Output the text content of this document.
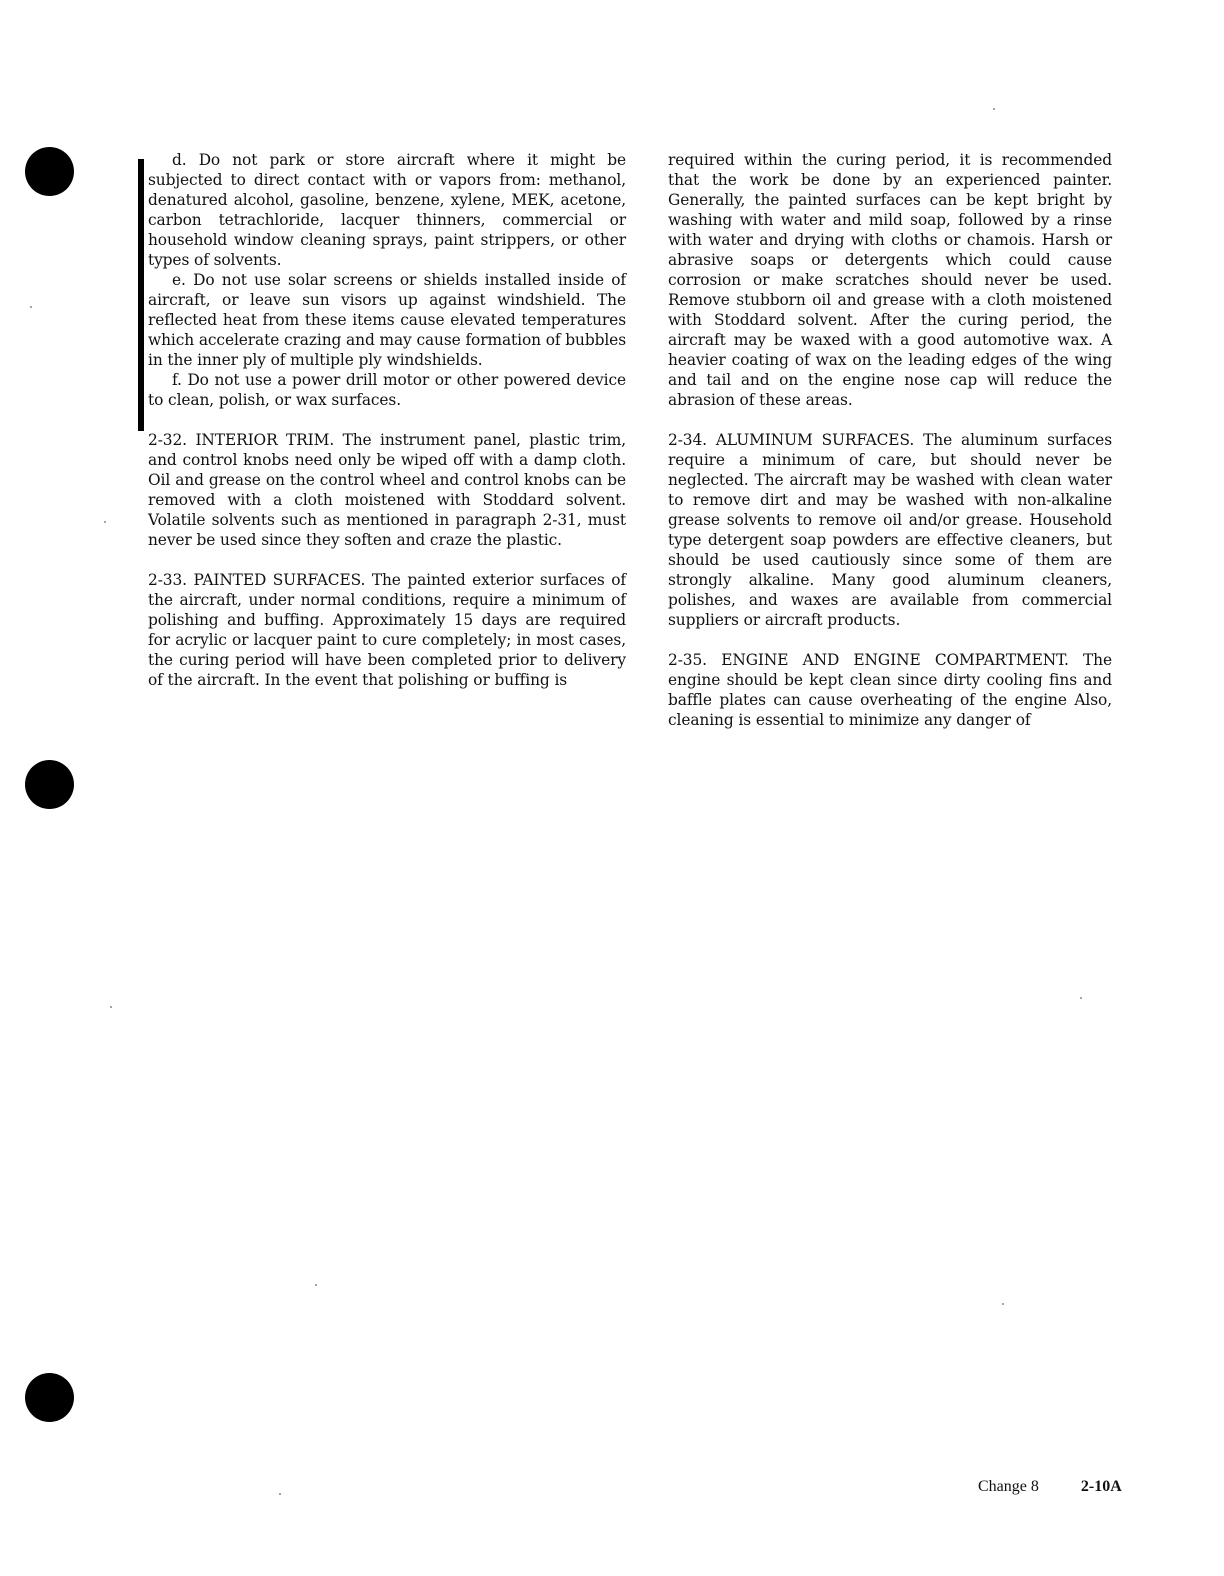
d. Do not park or store aircraft where it might be subjected to direct contact with or vapors from: methanol, denatured alcohol, gasoline, benzene, xylene, MEK, acetone, carbon tetrachloride, lacquer thinners, commercial or household window cleaning sprays, paint strippers, or other types of solvents.

e. Do not use solar screens or shields installed inside of aircraft, or leave sun visors up against windshield. The reflected heat from these items cause elevated temperatures which accelerate crazing and may cause formation of bubbles in the inner ply of multiple ply windshields.

f. Do not use a power drill motor or other powered device to clean, polish, or wax surfaces.

2-32. INTERIOR TRIM. The instrument panel, plastic trim, and control knobs need only be wiped off with a damp cloth. Oil and grease on the control wheel and control knobs can be removed with a cloth moistened with Stoddard solvent. Volatile solvents such as mentioned in paragraph 2-31, must never be used since they soften and craze the plastic.

2-33. PAINTED SURFACES. The painted exterior surfaces of the aircraft, under normal conditions, require a minimum of polishing and buffing. Approximately 15 days are required for acrylic or lacquer paint to cure completely; in most cases, the curing period will have been completed prior to delivery of the aircraft. In the event that polishing or buffing is

required within the curing period, it is recommended that the work be done by an experienced painter. Generally, the painted surfaces can be kept bright by washing with water and mild soap, followed by a rinse with water and drying with cloths or chamois. Harsh or abrasive soaps or detergents which could cause corrosion or make scratches should never be used. Remove stubborn oil and grease with a cloth moistened with Stoddard solvent. After the curing period, the aircraft may be waxed with a good automotive wax. A heavier coating of wax on the leading edges of the wing and tail and on the engine nose cap will reduce the abrasion of these areas.

2-34. ALUMINUM SURFACES. The aluminum surfaces require a minimum of care, but should never be neglected. The aircraft may be washed with clean water to remove dirt and may be washed with non-alkaline grease solvents to remove oil and/or grease. Household type detergent soap powders are effective cleaners, but should be used cautiously since some of them are strongly alkaline. Many good aluminum cleaners, polishes, and waxes are available from commercial suppliers or aircraft products.

2-35. ENGINE AND ENGINE COMPARTMENT. The engine should be kept clean since dirty cooling fins and baffle plates can cause overheating of the engine Also, cleaning is essential to minimize any danger of

Change 8	2-10A
